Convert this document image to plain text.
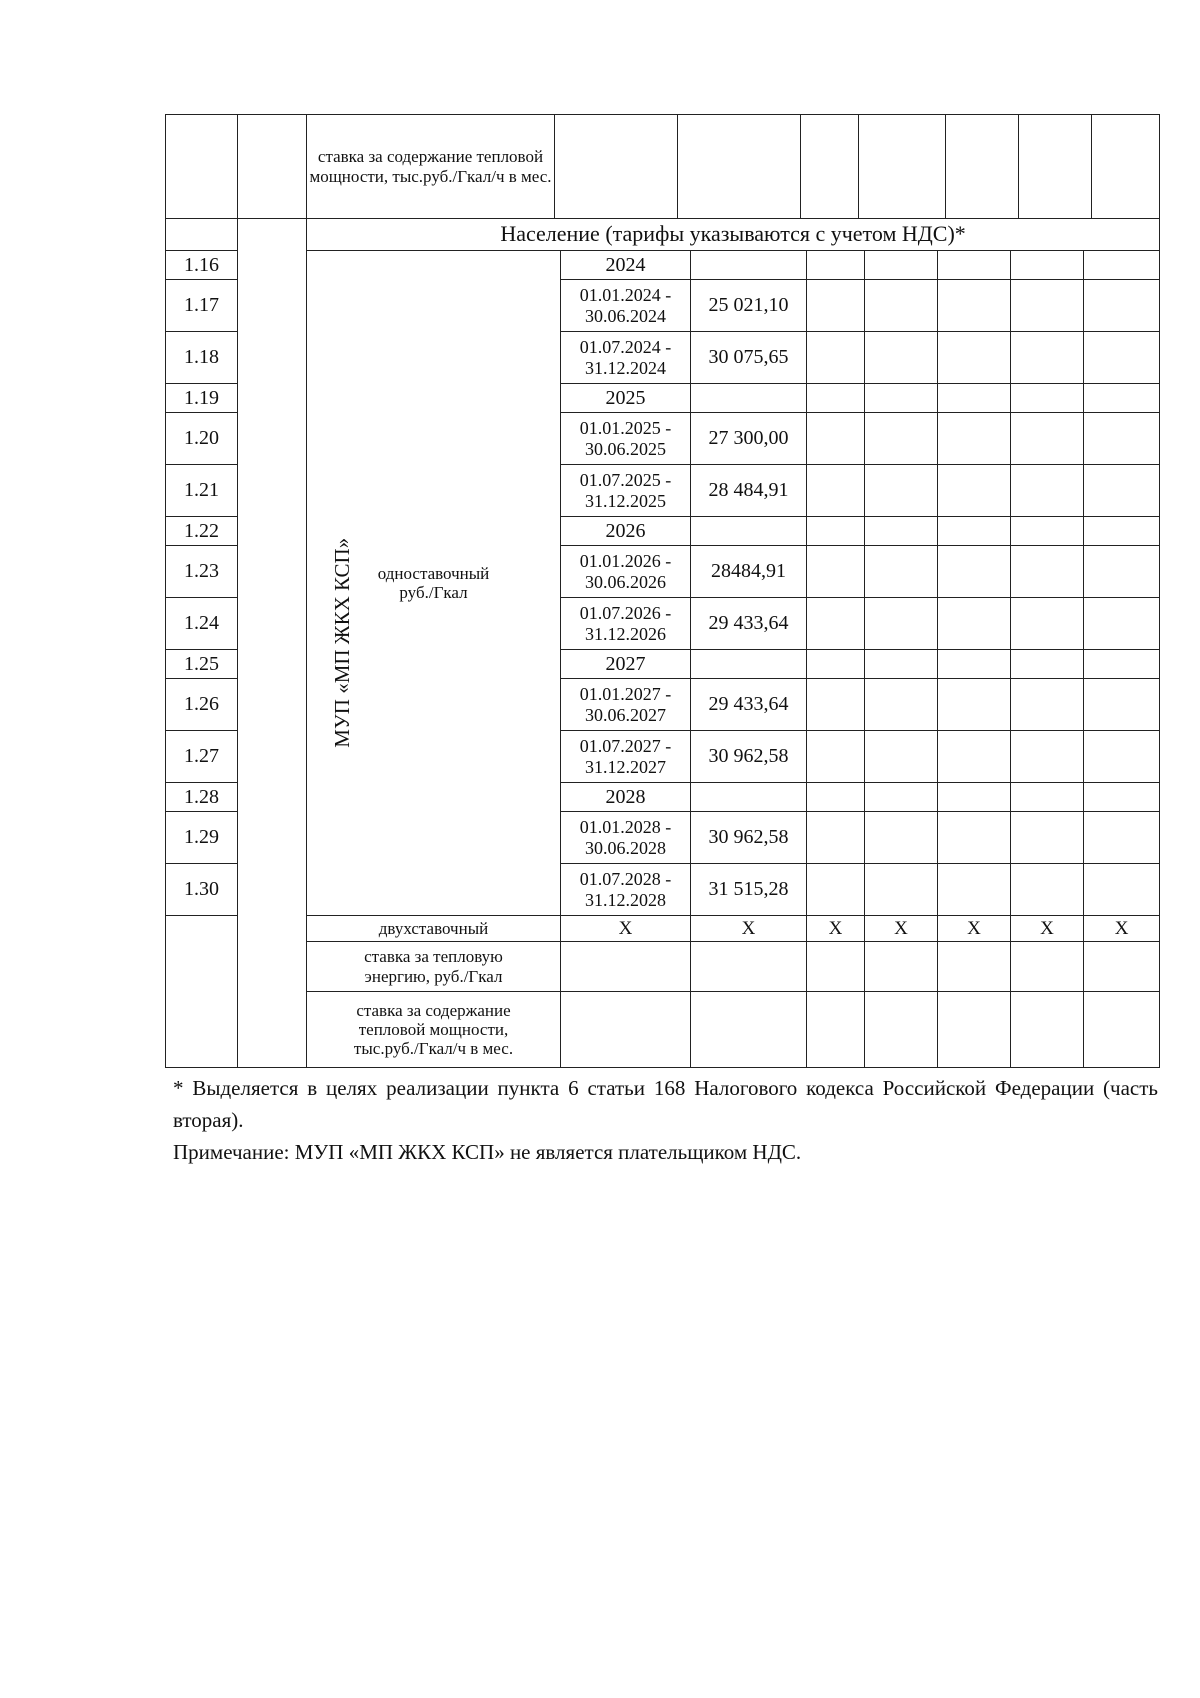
		ставка за содержание тепловой мощности, тыс.руб./Гкал/ч в мес.							
	МУП «МП ЖКХ КСП»	Население (тарифы указываются с учетом НДС)*								
1.16		одноставочный руб./Гкал	2024							
1.17			01.01.2024 - 30.06.2024	25 021,10						
1.18			01.07.2024 - 31.12.2024	30 075,65						
1.19			2025							
1.20			01.01.2025 - 30.06.2025	27 300,00						
1.21			01.07.2025 - 31.12.2025	28 484,91						
1.22			2026							
1.23			01.01.2026 - 30.06.2026	28484,91						
1.24			01.07.2026 - 31.12.2026	29 433,64						
1.25			2027							
1.26			01.01.2027 - 30.06.2027	29 433,64						
1.27			01.07.2027 - 31.12.2027	30 962,58						
1.28			2028							
1.29			01.01.2028 - 30.06.2028	30 962,58						
1.30			01.07.2028 - 31.12.2028	31 515,28						
		двухставочный	X	X	X	X	X	X	X	
		ставка за тепловую энергию, руб./Гкал								
		ставка за содержание тепловой мощности, тыс.руб./Гкал/ч в мес.								

* Выделяется в целях реализации пункта 6 статьи 168 Налогового кодекса Российской Федерации (часть вторая).

Примечание: МУП «МП ЖКХ КСП» не является плательщиком НДС.
